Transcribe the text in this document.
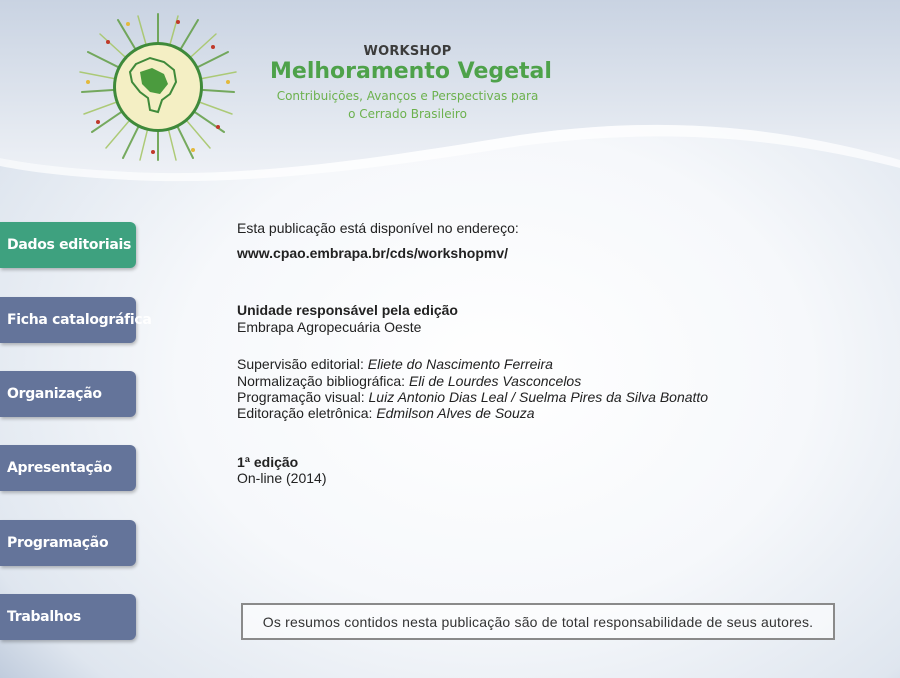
WORKSHOP
Melhoramento Vegetal
Contribuições, Avanços e Perspectivas para
o Cerrado Brasileiro
Dados editoriais
Ficha catalográfica
Organização
Apresentação
Programação
Trabalhos
Esta publicação está disponível no endereço:
www.cpao.embrapa.br/cds/workshopmv/
Unidade responsável pela edição
Embrapa Agropecuária Oeste
Supervisão editorial: Eliete do Nascimento Ferreira
Normalização bibliográfica: Eli de Lourdes Vasconcelos
Programação visual: Luiz Antonio Dias Leal / Suelma Pires da Silva Bonatto
Editoração eletrônica: Edmilson Alves de Souza
1ª edição
On-line (2014)
Os resumos contidos nesta publicação são de total responsabilidade de seus autores.
